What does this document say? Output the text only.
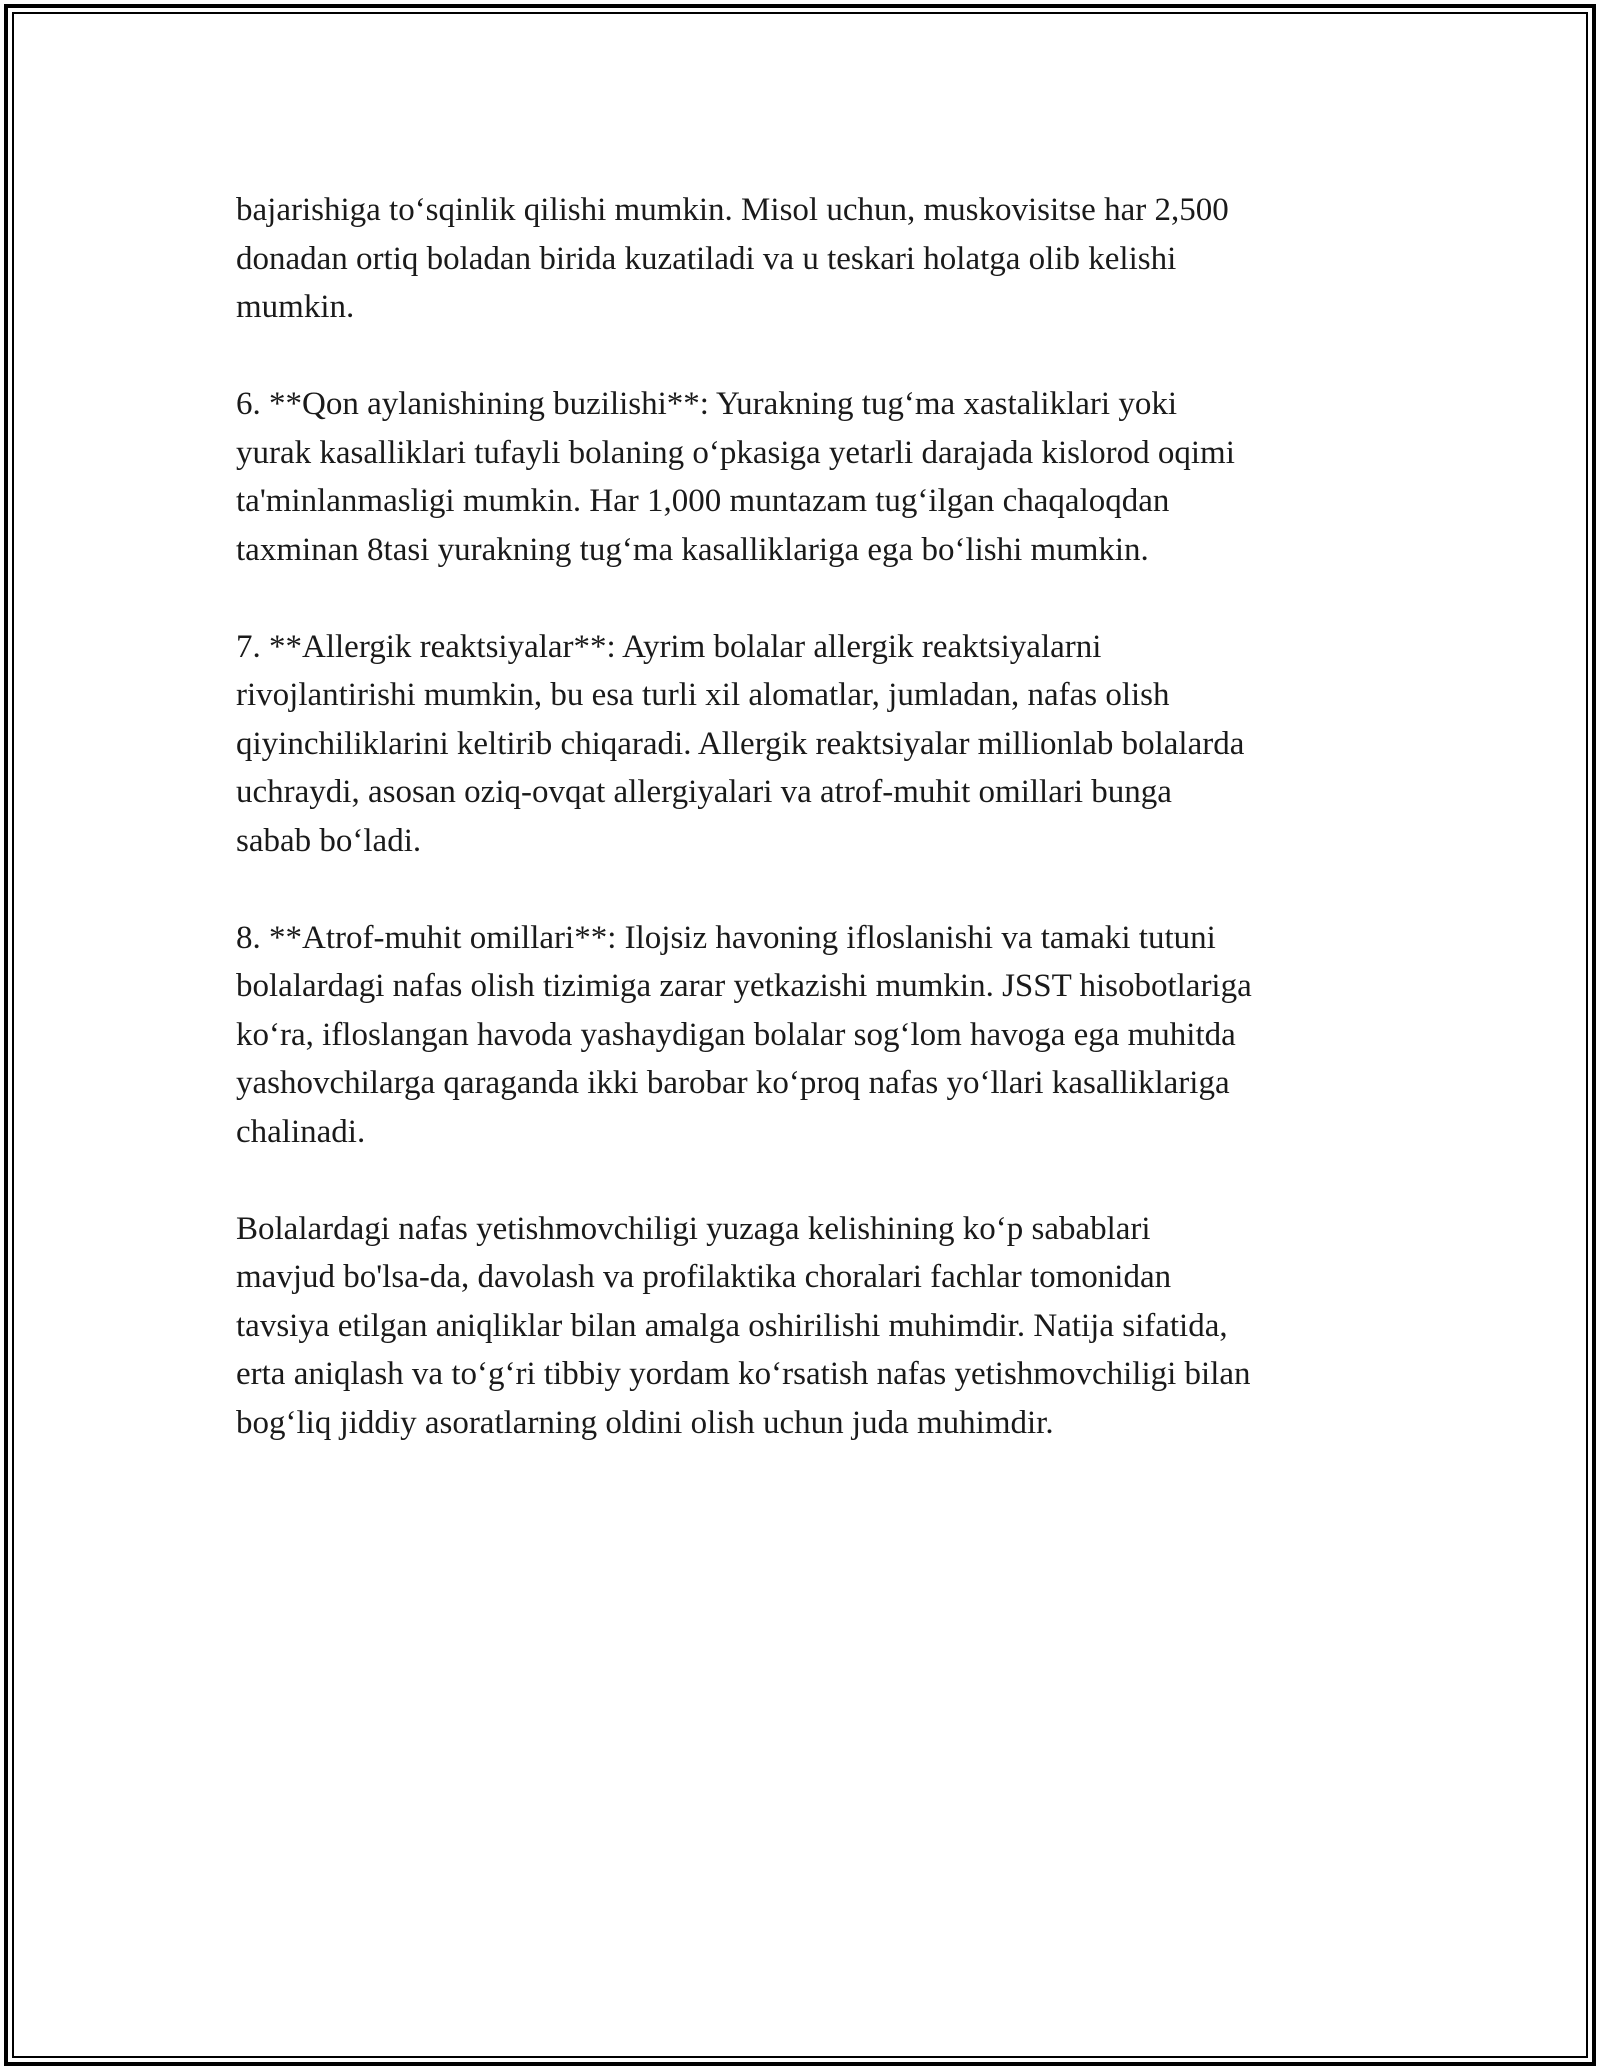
bajarishiga to‘sqinlik qilishi mumkin. Misol uchun, muskovisitse har 2,500
donadan ortiq boladan birida kuzatiladi va u teskari holatga olib kelishi
mumkin.

6. **Qon aylanishining buzilishi**: Yurakning tug‘ma xastaliklari yoki
yurak kasalliklari tufayli bolaning o‘pkasiga yetarli darajada kislorod oqimi
ta'minlanmasligi mumkin. Har 1,000 muntazam tug‘ilgan chaqaloqdan
taxminan 8tasi yurakning tug‘ma kasalliklariga ega bo‘lishi mumkin.

7. **Allergik reaktsiyalar**: Ayrim bolalar allergik reaktsiyalarni
rivojlantirishi mumkin, bu esa turli xil alomatlar, jumladan, nafas olish
qiyinchiliklarini keltirib chiqaradi. Allergik reaktsiyalar millionlab bolalarda
uchraydi, asosan oziq-ovqat allergiyalari va atrof-muhit omillari bunga
sabab bo‘ladi.

8. **Atrof-muhit omillari**: Ilojsiz havoning ifloslanishi va tamaki tutuni
bolalardagi nafas olish tizimiga zarar yetkazishi mumkin. JSST hisobotlariga
ko‘ra, ifloslangan havoda yashaydigan bolalar sog‘lom havoga ega muhitda
yashovchilarga qaraganda ikki barobar ko‘proq nafas yo‘llari kasalliklariga
chalinadi.

Bolalardagi nafas yetishmovchiligi yuzaga kelishining ko‘p sabablari
mavjud bo'lsa-da, davolash va profilaktika choralari fachlar tomonidan
tavsiya etilgan aniqliklar bilan amalga oshirilishi muhimdir. Natija sifatida,
erta aniqlash va to‘g‘ri tibbiy yordam ko‘rsatish nafas yetishmovchiligi bilan
bog‘liq jiddiy asoratlarning oldini olish uchun juda muhimdir.
